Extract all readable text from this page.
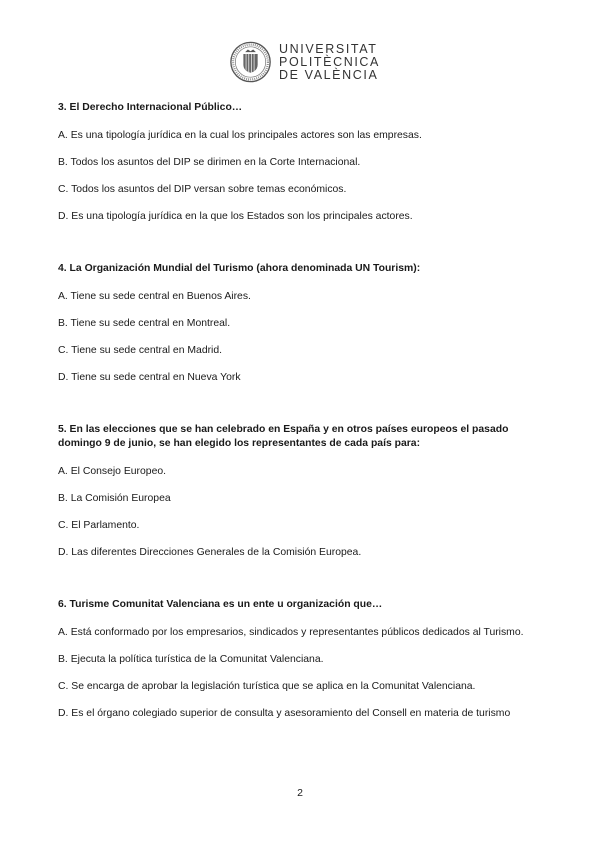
UNIVERSITAT
POLITÈCNICA
DE VALÈNCIA
3. El Derecho Internacional Público…
A. Es una tipología jurídica en la cual los principales actores son las empresas.
B. Todos los asuntos del DIP se dirimen en la Corte Internacional.
C. Todos los asuntos del DIP versan sobre temas económicos.
D. Es una tipología jurídica en la que los Estados son los principales actores.
4. La Organización Mundial del Turismo (ahora denominada UN Tourism):
A. Tiene su sede central en Buenos Aires.
B. Tiene su sede central en Montreal.
C. Tiene su sede central en Madrid.
D. Tiene su sede central en Nueva York
5. En las elecciones que se han celebrado en España y en otros países europeos el pasado domingo 9 de junio, se han elegido los representantes de cada país para:
A. El Consejo Europeo.
B. La Comisión Europea
C. El Parlamento.
D. Las diferentes Direcciones Generales de la Comisión Europea.
6. Turisme Comunitat Valenciana es un ente u organización que…
A. Está conformado por los empresarios, sindicados y representantes públicos dedicados al Turismo.
B. Ejecuta la política turística de la Comunitat Valenciana.
C. Se encarga de aprobar la legislación turística que se aplica en la Comunitat Valenciana.
D. Es el órgano colegiado superior de consulta y asesoramiento del Consell en materia de turismo
2
